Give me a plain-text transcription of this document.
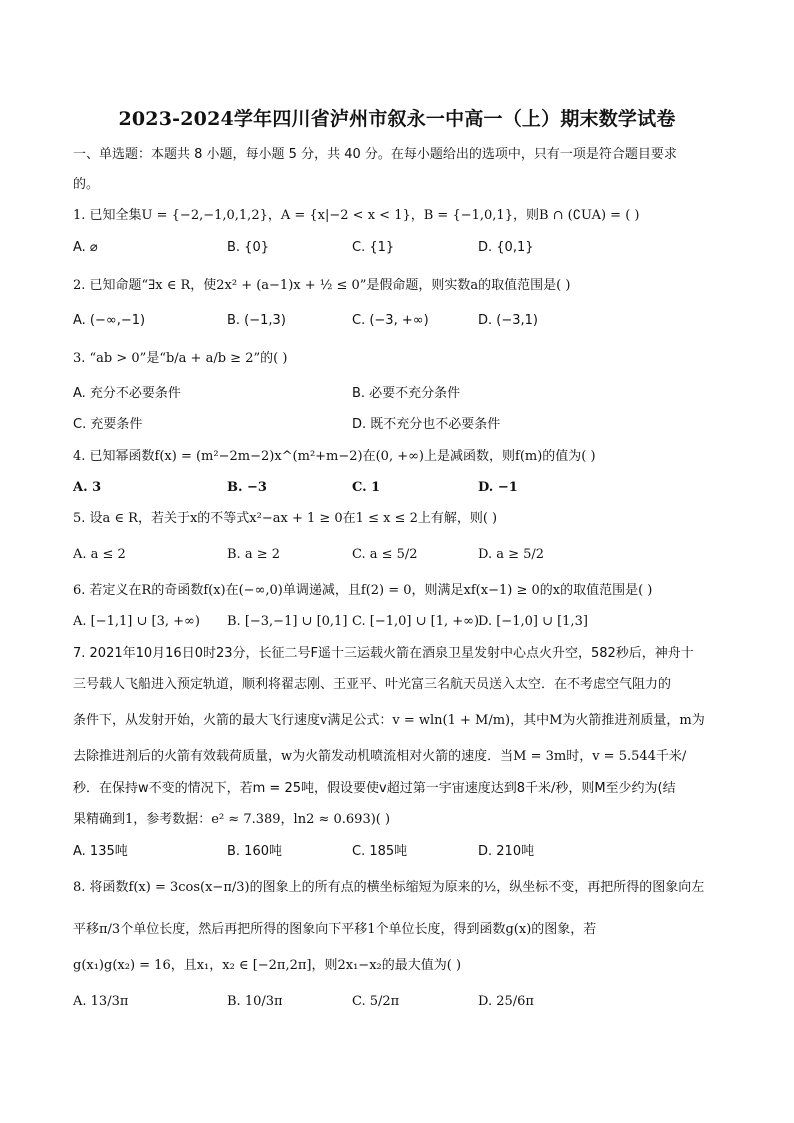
2023-2024学年四川省泸州市叙永一中高一（上）期末数学试卷
一、单选题：本题共 8 小题，每小题 5 分，共 40 分。在每小题给出的选项中，只有一项是符合题目要求
的。
1. 已知全集U = {−2,−1,0,1,2}，A = {x|−2 < x < 1}，B = {−1,0,1}，则B ∩ (∁UA) = ( )
A. ⌀	B. {0}	C. {1}	D. {0,1}
2. 已知命题“∃x ∈ R，使2x² + (a−1)x + ½ ≤ 0”是假命题，则实数a的取值范围是( )
A. (−∞,−1)	B. (−1,3)	C. (−3, +∞)	D. (−3,1)
3. “ab > 0”是“b/a + a/b ≥ 2”的( )
A. 充分不必要条件	B. 必要不充分条件
C. 充要条件	D. 既不充分也不必要条件
4. 已知幂函数f(x) = (m²−2m−2)x^(m²+m−2)在(0, +∞)上是减函数，则f(m)的值为( )
A. 3	B. −3	C. 1	D. −1
5. 设a ∈ R，若关于x的不等式x²−ax + 1 ≥ 0在1 ≤ x ≤ 2上有解，则( )
A. a ≤ 2	B. a ≥ 2	C. a ≤ 5/2	D. a ≥ 5/2
6. 若定义在R的奇函数f(x)在(−∞,0)单调递减，且f(2) = 0，则满足xf(x−1) ≥ 0的x的取值范围是( )
A. [−1,1] ∪ [3, +∞) B. [−3,−1] ∪ [0,1] C. [−1,0] ∪ [1, +∞)
D. [−1,0] ∪ [1,3]
7. 2021年10月16日0时23分，长征二号F遥十三运载火箭在酒泉卫星发射中心点火升空，582秒后，神舟十
三号载人飞船进入预定轨道，顺利将翟志刚、王亚平、叶光富三名航天员送入太空．在不考虑空气阻力的
条件下，从发射开始，火箭的最大飞行速度v满足公式：v = wln(1 + M/m)，其中M为火箭推进剂质量，m为
去除推进剂后的火箭有效载荷质量，w为火箭发动机喷流相对火箭的速度．当M = 3m时，v = 5.544千米/
秒．在保持w不变的情况下，若m = 25吨，假设要使v超过第一宇宙速度达到8千米/秒，则M至少约为(结
果精确到1，参考数据：e² ≈ 7.389，ln2 ≈ 0.693)( )
A. 135吨	B. 160吨	C. 185吨	D. 210吨
8. 将函数f(x) = 3cos(x−π/3)的图象上的所有点的横坐标缩短为原来的½，纵坐标不变，再把所得的图象向左
平移π/3个单位长度，然后再把所得的图象向下平移1个单位长度，得到函数g(x)的图象，若
g(x₁)g(x₂) = 16，且x₁，x₂ ∈ [−2π,2π]，则2x₁−x₂的最大值为( )
A. 13/3π	B. 10/3π	C. 5/2π	D. 25/6π
